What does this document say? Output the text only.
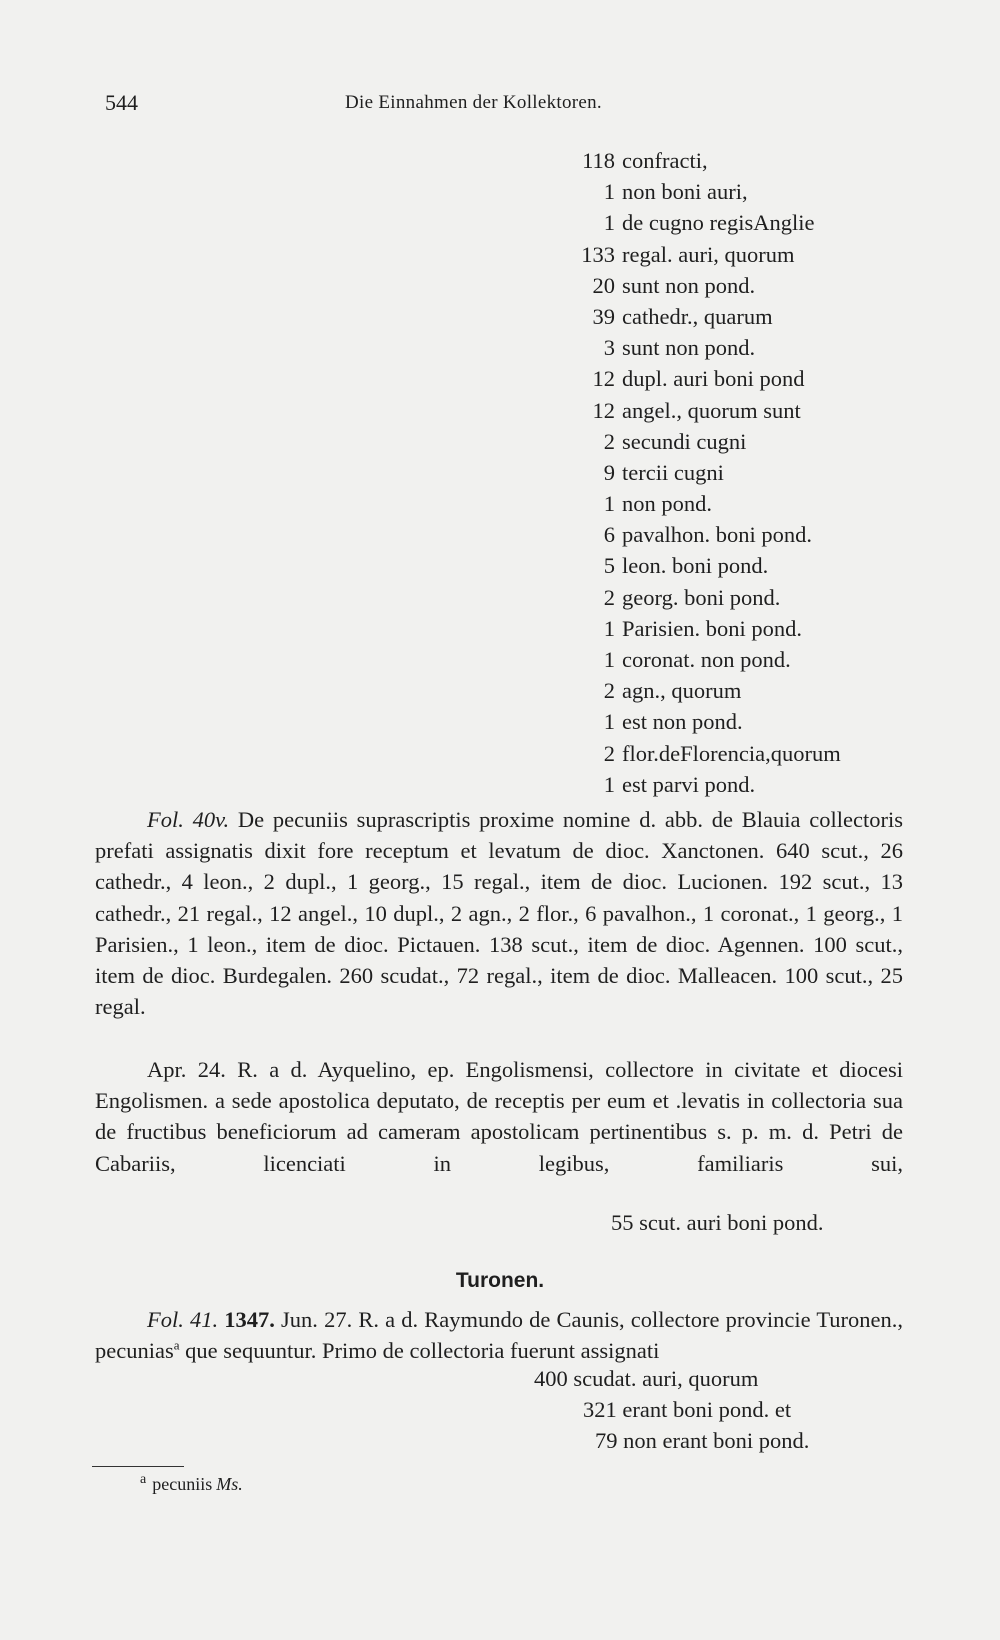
544	Die Einnahmen der Kollektoren.
118 confracti,
1 non boni auri,
1 de cugno regisAnglie
133 regal. auri, quorum
20 sunt non pond.
39 cathedr., quarum
3 sunt non pond.
12 dupl. auri boni pond
12 angel., quorum sunt
2 secundi cugni
9 tercii cugni
1 non pond.
6 pavalhon. boni pond.
5 leon. boni pond.
2 georg. boni pond.
1 Parisien. boni pond.
1 coronat. non pond.
2 agn., quorum
1 est non pond.
2 flor.deFlorencia,quorum
1 est parvi pond.
Fol. 40v. De pecuniis suprascriptis proxime nomine d. abb. de Blauia collectoris prefati assignatis dixit fore receptum et levatum de dioc. Xanctonen. 640 scut., 26 cathedr., 4 leon., 2 dupl., 1 georg., 15 regal., item de dioc. Lucionen. 192 scut., 13 cathedr., 21 regal., 12 angel., 10 dupl., 2 agn., 2 flor., 6 pavalhon., 1 coronat., 1 georg., 1 Parisien., 1 leon., item de dioc. Pictauen. 138 scut., item de dioc. Agennen. 100 scut., item de dioc. Burdegalen. 260 scudat., 72 regal., item de dioc. Malleacen. 100 scut., 25 regal.
Apr. 24. R. a d. Ayquelino, ep. Engolismensi, collectore in civitate et diocesi Engolismen. a sede apostolica deputato, de receptis per eum et .levatis in collectoria sua de fructibus beneficiorum ad cameram apostolicam pertinentibus s. p. m. d. Petri de Cabariis, licenciati in legibus, familiaris sui,
55 scut. auri boni pond.
Turonen.
Fol. 41. 1347. Jun. 27. R. a d. Raymundo de Caunis, collectore provincie Turonen., pecunias$^a$ que sequuntur. Primo de collectoria fuerunt assignati
400 scudat. auri, quorum
321 erant boni pond. et
79 non erant boni pond.
$^a$ pecuniis Ms.
